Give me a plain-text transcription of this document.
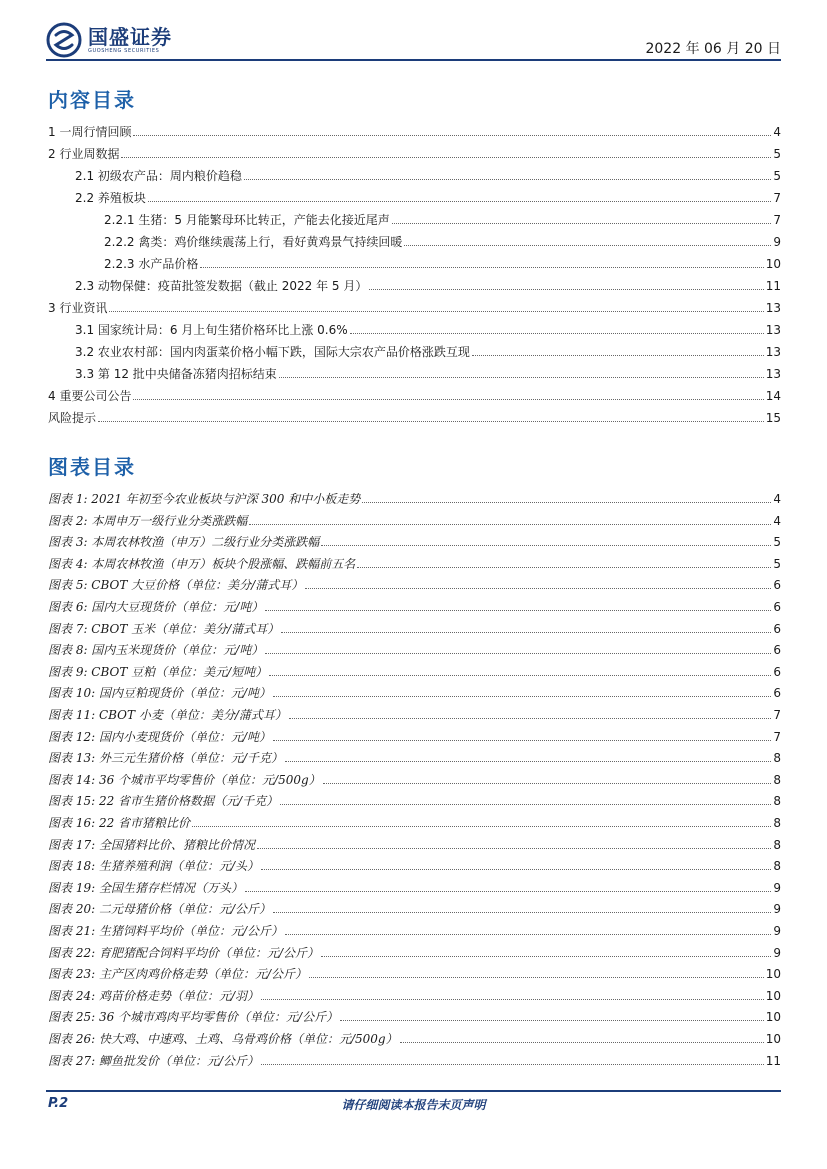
国盛证券
GUOSHENG SECURITIES	2022 年 06 月 20 日
内容目录
1 一周行情回顾	4
2 行业周数据	5
2.1 初级农产品：周内粮价趋稳	5
2.2 养殖板块	7
2.2.1 生猪：5 月能繁母环比转正，产能去化接近尾声	7
2.2.2 禽类：鸡价继续震荡上行，看好黄鸡景气持续回暖	9
2.2.3 水产品价格	10
2.3 动物保健：疫苗批签发数据（截止 2022 年 5 月）	11
3 行业资讯	13
3.1 国家统计局：6 月上旬生猪价格环比上涨 0.6%	13
3.2 农业农村部：国内肉蛋菜价格小幅下跌，国际大宗农产品价格涨跌互现	13
3.3 第 12 批中央储备冻猪肉招标结束	13
4 重要公司公告	14
风险提示	15
图表目录
图表 1: 2021 年初至今农业板块与沪深 300 和中小板走势	4
图表 2: 本周申万一级行业分类涨跌幅	4
图表 3: 本周农林牧渔（申万）二级行业分类涨跌幅	5
图表 4: 本周农林牧渔（申万）板块个股涨幅、跌幅前五名	5
图表 5: CBOT 大豆价格（单位：美分/蒲式耳）	6
图表 6: 国内大豆现货价（单位：元/吨）	6
图表 7: CBOT 玉米（单位：美分/蒲式耳）	6
图表 8: 国内玉米现货价（单位：元/吨）	6
图表 9: CBOT 豆粕（单位：美元/短吨）	6
图表 10: 国内豆粕现货价（单位：元/吨）	6
图表 11: CBOT 小麦（单位：美分/蒲式耳）	7
图表 12: 国内小麦现货价（单位：元/吨）	7
图表 13: 外三元生猪价格（单位：元/千克）	8
图表 14: 36 个城市平均零售价（单位：元/500g）	8
图表 15: 22 省市生猪价格数据（元/千克）	8
图表 16: 22 省市猪粮比价	8
图表 17: 全国猪料比价、猪粮比价情况	8
图表 18: 生猪养殖利润（单位：元/头）	8
图表 19: 全国生猪存栏情况（万头）	9
图表 20: 二元母猪价格（单位：元/公斤）	9
图表 21: 生猪饲料平均价（单位：元/公斤）	9
图表 22: 育肥猪配合饲料平均价（单位：元/公斤）	9
图表 23: 主产区肉鸡价格走势（单位：元/公斤）	10
图表 24: 鸡苗价格走势（单位：元/羽）	10
图表 25: 36 个城市鸡肉平均零售价（单位：元/公斤）	10
图表 26: 快大鸡、中速鸡、土鸡、乌骨鸡价格（单位：元/500g）	10
图表 27: 鲫鱼批发价（单位：元/公斤）	11
P.2	请仔细阅读本报告末页声明
